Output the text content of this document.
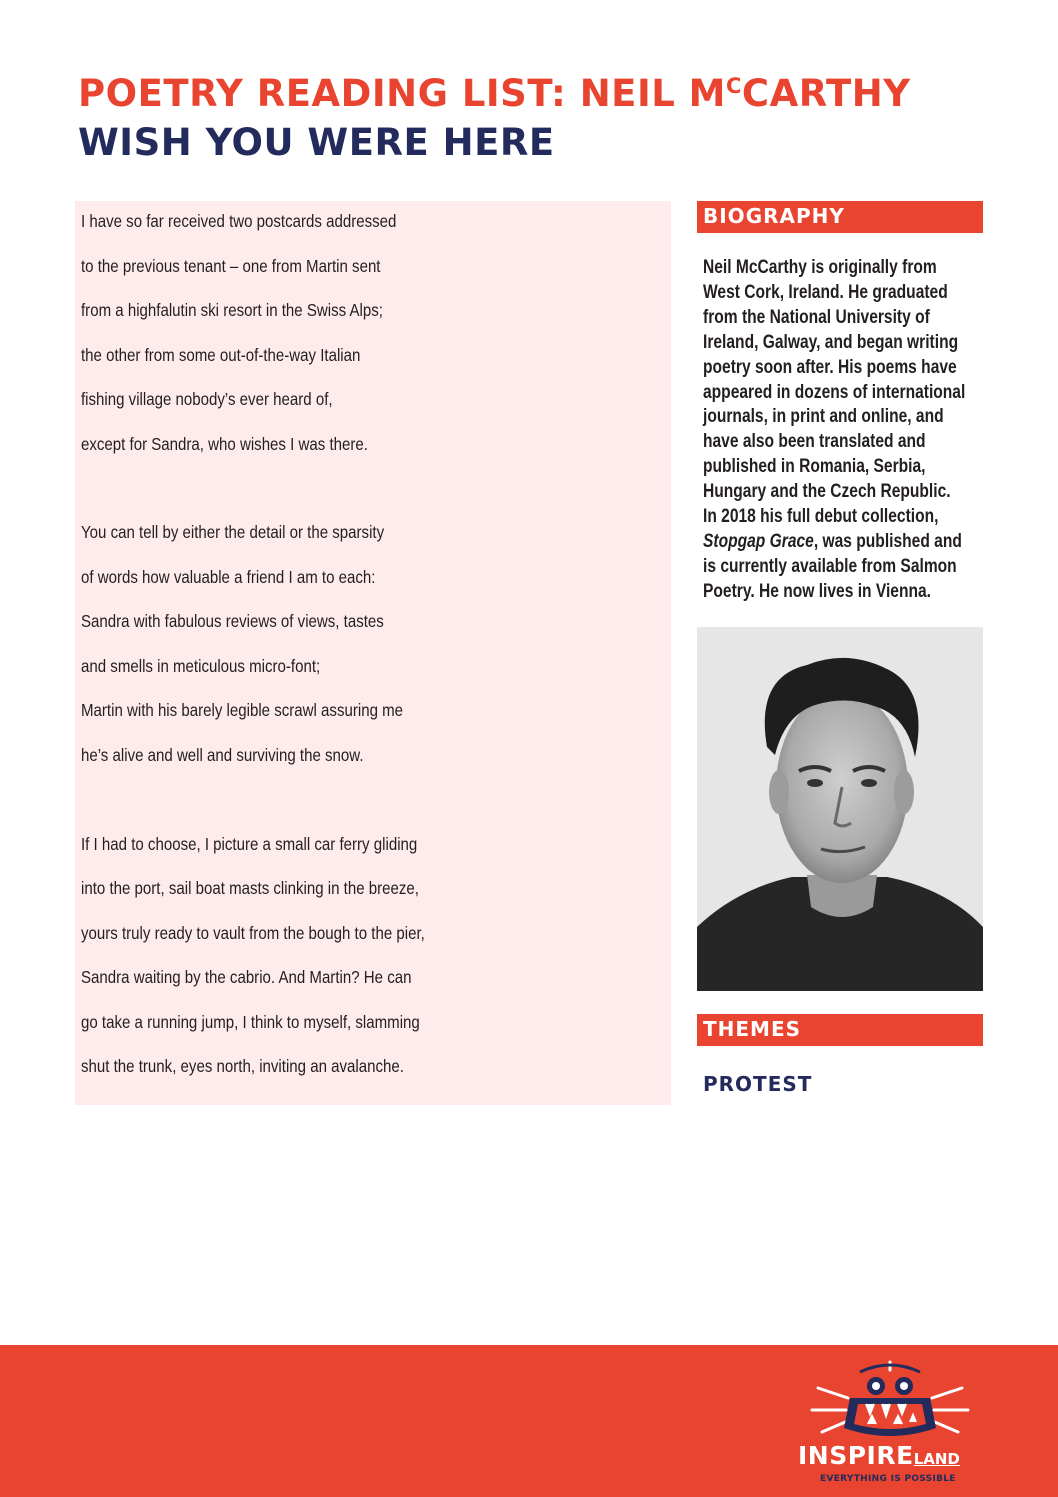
POETRY READING LIST: NEIL $M^CCARTHY$
WISH YOU WERE HERE
I have so far received two postcards addressed
to the previous tenant – one from Martin sent
from a highfalutin ski resort in the Swiss Alps;
the other from some out-of-the-way Italian
fishing village nobody’s ever heard of,
except for Sandra, who wishes I was there.
You can tell by either the detail or the sparsity
of words how valuable a friend I am to each:
Sandra with fabulous reviews of views, tastes
and smells in meticulous micro-font;
Martin with his barely legible scrawl assuring me
he’s alive and well and surviving the snow.
If I had to choose, I picture a small car ferry gliding
into the port, sail boat masts clinking in the breeze,
yours truly ready to vault from the bough to the pier,
Sandra waiting by the cabrio. And Martin? He can
go take a running jump, I think to myself, slamming
shut the trunk, eyes north, inviting an avalanche.
BIOGRAPHY
Neil McCarthy is originally from
West Cork, Ireland. He graduated
from the National University of
Ireland, Galway, and began writing
poetry soon after. His poems have
appeared in dozens of international
journals, in print and online, and
have also been translated and
published in Romania, Serbia,
Hungary and the Czech Republic.
In 2018 his full debut collection,
Stopgap Grace, was published and
is currently available from Salmon
Poetry. He now lives in Vienna.
THEMES
PROTEST
INSPIRELAND
EVERYTHING IS POSSIBLE
